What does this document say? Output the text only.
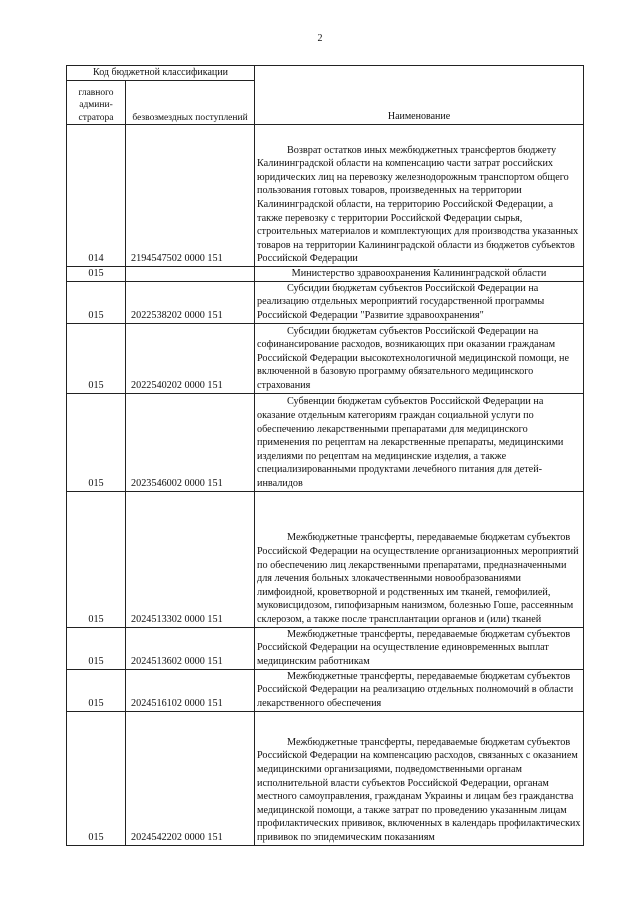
2
Код бюджетной классификации		Наименование
главного админи-стратора	безвозмездных поступлений	
014	2194547502 0000 151	Возврат остатков иных межбюджетных трансфертов бюджету Калининградской области на компенсацию части затрат российских юридических лиц на перевозку железнодорожным транспортом общего пользования готовых товаров, произведенных на территории Калининградской области, на территорию Российской Федерации, а также перевозку с территории Российской Федерации сырья, строительных материалов и комплектующих для производства указанных товаров на территории Калининградской области из бюджетов субъектов Российской Федерации
015		Министерство здравоохранения Калининградской области
015	2022538202 0000 151	Субсидии бюджетам субъектов Российской Федерации на реализацию отдельных мероприятий государственной программы Российской Федерации "Развитие здравоохранения"
015	2022540202 0000 151	Субсидии бюджетам субъектов Российской Федерации на софинансирование расходов, возникающих при оказании гражданам Российской Федерации высокотехнологичной медицинской помощи, не включенной в базовую программу обязательного медицинского страхования
015	2023546002 0000 151	Субвенции бюджетам субъектов Российской Федерации на оказание отдельным категориям граждан социальной услуги по обеспечению лекарственными препаратами для медицинского применения по рецептам на лекарственные препараты, медицинскими изделиями по рецептам на медицинские изделия, а также специализированными продуктами лечебного питания для детей-инвалидов
015	2024513302 0000 151	Межбюджетные трансферты, передаваемые бюджетам субъектов Российской Федерации на осуществление организационных мероприятий по обеспечению лиц лекарственными препаратами, предназначенными для лечения больных злокачественными новообразованиями лимфоидной, кроветворной и родственных им тканей, гемофилией, муковисцидозом, гипофизарным нанизмом, болезнью Гоше, рассеянным склерозом, а также после трансплантации органов и (или) тканей
015	2024513602 0000 151	Межбюджетные трансферты, передаваемые бюджетам субъектов Российской Федерации на осуществление единовременных выплат медицинским работникам
015	2024516102 0000 151	Межбюджетные трансферты, передаваемые бюджетам субъектов Российской Федерации на реализацию отдельных полномочий в области лекарственного обеспечения
015	2024542202 0000 151	Межбюджетные трансферты, передаваемые бюджетам субъектов Российской Федерации на компенсацию расходов, связанных с оказанием медицинскими организациями, подведомственными органам исполнительной власти субъектов Российской Федерации, органам местного самоуправления, гражданам Украины и лицам без гражданства медицинской помощи, а также затрат по проведению указанным лицам профилактических прививок, включенных в календарь профилактических прививок по эпидемическим показаниям
